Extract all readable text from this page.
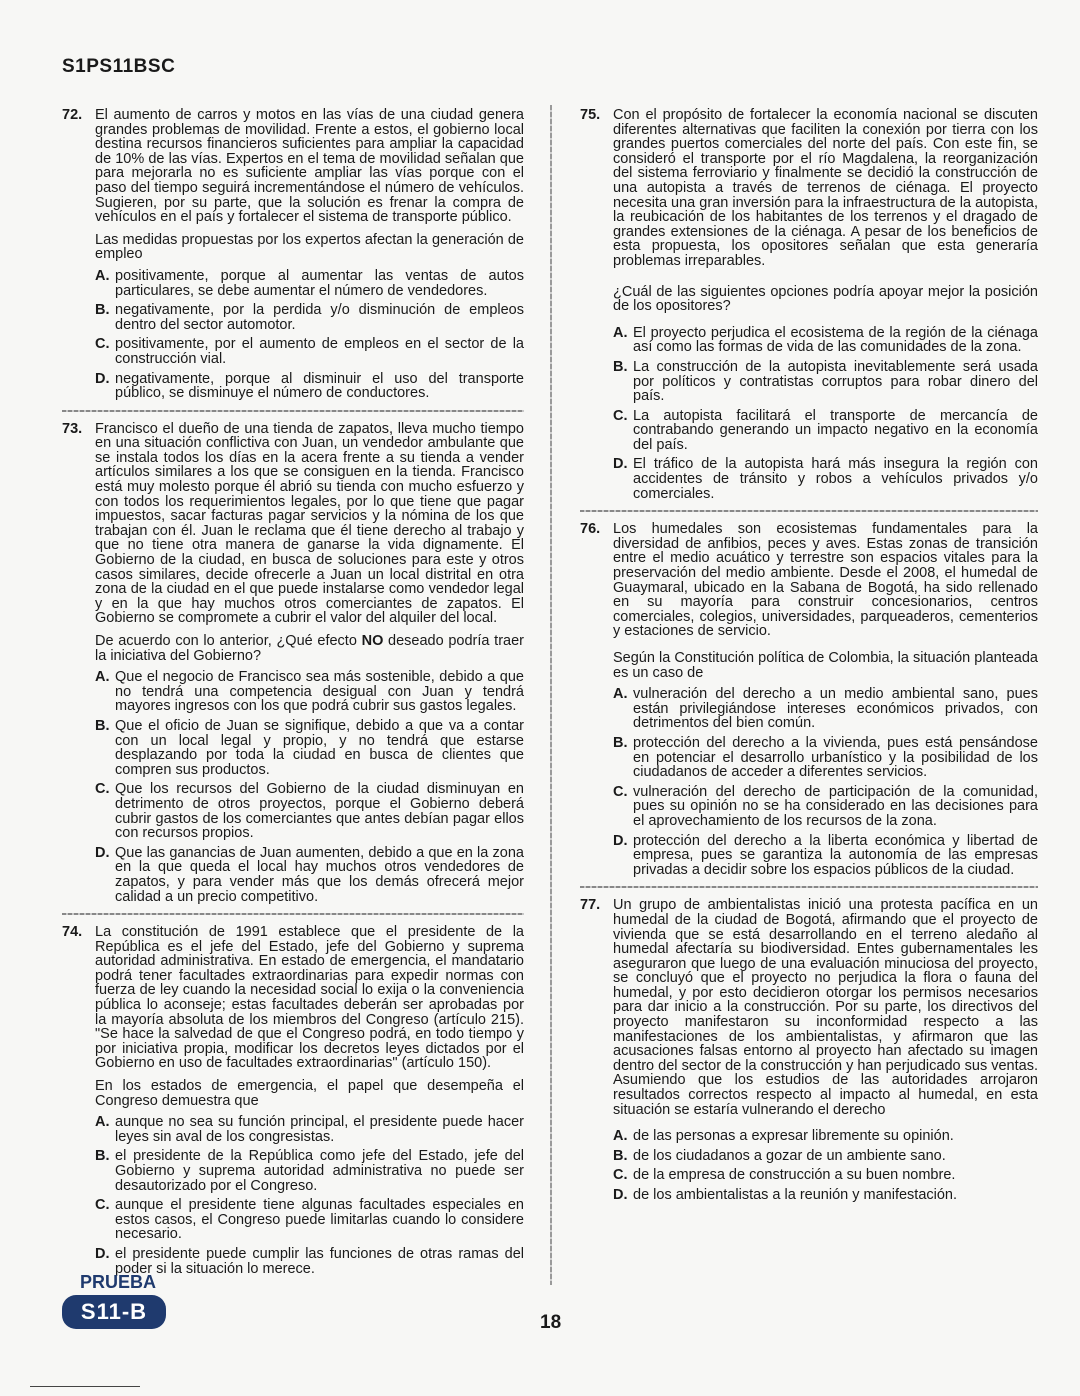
S1PS11BSC
72. El aumento de carros y motos en las vías de una ciudad genera grandes problemas de movilidad. Frente a estos, el gobierno local destina recursos financieros suficientes para ampliar la capacidad de 10% de las vías. Expertos en el tema de movilidad señalan que para mejorarla no es suficiente ampliar las vías porque con el paso del tiempo seguirá incrementándose el número de vehículos. Sugieren, por su parte, que la solución es frenar la compra de vehículos en el país y fortalecer el sistema de transporte público.

Las medidas propuestas por los expertos afectan la generación de empleo

A. positivamente, porque al aumentar las ventas de autos particulares, se debe aumentar el número de vendedores.
B. negativamente, por la perdida y/o disminución de empleos dentro del sector automotor.
C. positivamente, por el aumento de empleos en el sector de la construcción vial.
D. negativamente, porque al disminuir el uso del transporte público, se disminuye el número de conductores.
73. Francisco el dueño de una tienda de zapatos, lleva mucho tiempo en una situación conflictiva con Juan, un vendedor ambulante que se instala todos los días en la acera frente a su tienda a vender artículos similares a los que se consiguen en la tienda. Francisco está muy molesto porque él abrió su tienda con mucho esfuerzo y con todos los requerimientos legales, por lo que tiene que pagar impuestos, sacar facturas pagar servicios y la nómina de los que trabajan con él. Juan le reclama que él tiene derecho al trabajo y que no tiene otra manera de ganarse la vida dignamente. El Gobierno de la ciudad, en busca de soluciones para este y otros casos similares, decide ofrecerle a Juan un local distrital en otra zona de la ciudad en el que puede instalarse como vendedor legal y en la que hay muchos otros comerciantes de zapatos. El Gobierno se compromete a cubrir el valor del alquiler del local.

De acuerdo con lo anterior, ¿Qué efecto NO deseado podría traer la iniciativa del Gobierno?

A. Que el negocio de Francisco sea más sostenible, debido a que no tendrá una competencia desigual con Juan y tendrá mayores ingresos con los que podrá cubrir sus gastos legales.
B. Que el oficio de Juan se signifique, debido a que va a contar con un local legal y propio, y no tendrá que estarse desplazando por toda la ciudad en busca de clientes que compren sus productos.
C. Que los recursos del Gobierno de la ciudad disminuyan en detrimento de otros proyectos, porque el Gobierno deberá cubrir gastos de los comerciantes que antes debían pagar ellos con recursos propios.
D. Que las ganancias de Juan aumenten, debido a que en la zona en la que queda el local hay muchos otros vendedores de zapatos, y para vender más que los demás ofrecerá mejor calidad a un precio competitivo.
74. La constitución de 1991 establece que el presidente de la República es el jefe del Estado, jefe del Gobierno y suprema autoridad administrativa. En estado de emergencia, el mandatario podrá tener facultades extraordinarias para expedir normas con fuerza de ley cuando la necesidad social lo exija o la conveniencia pública lo aconseje; estas facultades deberán ser aprobadas por la mayoría absoluta de los miembros del Congreso (artículo 215). "Se hace la salvedad de que el Congreso podrá, en todo tiempo y por iniciativa propia, modificar los decretos leyes dictados por el Gobierno en uso de facultades extraordinarias" (artículo 150).

En los estados de emergencia, el papel que desempeña el Congreso demuestra que

A. aunque no sea su función principal, el presidente puede hacer leyes sin aval de los congresistas.
B. el presidente de la República como jefe del Estado, jefe del Gobierno y suprema autoridad administrativa no puede ser desautorizado por el Congreso.
C. aunque el presidente tiene algunas facultades especiales en estos casos, el Congreso puede limitarlas cuando lo considere necesario.
D. el presidente puede cumplir las funciones de otras ramas del poder si la situación lo merece.
75. Con el propósito de fortalecer la economía nacional se discuten diferentes alternativas que faciliten la conexión por tierra con los grandes puertos comerciales del norte del país. Con este fin, se consideró el transporte por el río Magdalena, la reorganización del sistema ferroviario y finalmente se decidió la construcción de una autopista a través de terrenos de ciénaga. El proyecto necesita una gran inversión para la infraestructura de la autopista, la reubicación de los habitantes de los terrenos y el dragado de grandes extensiones de la ciénaga. A pesar de los beneficios de esta propuesta, los opositores señalan que esta generaría problemas irreparables.

¿Cuál de las siguientes opciones podría apoyar mejor la posición de los opositores?

A. El proyecto perjudica el ecosistema de la región de la ciénaga así como las formas de vida de las comunidades de la zona.
B. La construcción de la autopista inevitablemente será usada por políticos y contratistas corruptos para robar dinero del país.
C. La autopista facilitará el transporte de mercancía de contrabando generando un impacto negativo en la economía del país.
D. El tráfico de la autopista hará más insegura la región con accidentes de tránsito y robos a vehículos privados y/o comerciales.
76. Los humedales son ecosistemas fundamentales para la diversidad de anfibios, peces y aves. Estas zonas de transición entre el medio acuático y terrestre son espacios vitales para la preservación del medio ambiente. Desde el 2008, el humedal de Guaymaral, ubicado en la Sabana de Bogotá, ha sido rellenado en su mayoría para construir concesionarios, centros comerciales, colegios, universidades, parqueaderos, cementerios y estaciones de servicio.

Según la Constitución política de Colombia, la situación planteada es un caso de

A. vulneración del derecho a un medio ambiental sano, pues están privilegiándose intereses económicos privados, con detrimentos del bien común.
B. protección del derecho a la vivienda, pues está pensándose en potenciar el desarrollo urbanístico y la posibilidad de los ciudadanos de acceder a diferentes servicios.
C. vulneración del derecho de participación de la comunidad, pues su opinión no se ha considerado en las decisiones para el aprovechamiento de los recursos de la zona.
D. protección del derecho a la liberta económica y libertad de empresa, pues se garantiza la autonomía de las empresas privadas a decidir sobre los espacios públicos de la ciudad.
77. Un grupo de ambientalistas inició una protesta pacífica en un humedal de la ciudad de Bogotá, afirmando que el proyecto de vivienda que se está desarrollando en el terreno aledaño al humedal afectaría su biodiversidad. Entes gubernamentales les aseguraron que luego de una evaluación minuciosa del proyecto, se concluyó que el proyecto no perjudica la flora o fauna del humedal, y por esto decidieron otorgar los permisos necesarios para dar inicio a la construcción. Por su parte, los directivos del proyecto manifestaron su inconformidad respecto a las manifestaciones de los ambientalistas, y afirmaron que las acusaciones falsas entorno al proyecto han afectado su imagen dentro del sector de la construcción y han perjudicado sus ventas. Asumiendo que los estudios de las autoridades arrojaron resultados correctos respecto al impacto al humedal, en esta situación se estaría vulnerando el derecho

A. de las personas a expresar libremente su opinión.
B. de los ciudadanos a gozar de un ambiente sano.
C. de la empresa de construcción a su buen nombre.
D. de los ambientalistas a la reunión y manifestación.
PRUEBA
S11-B	18
